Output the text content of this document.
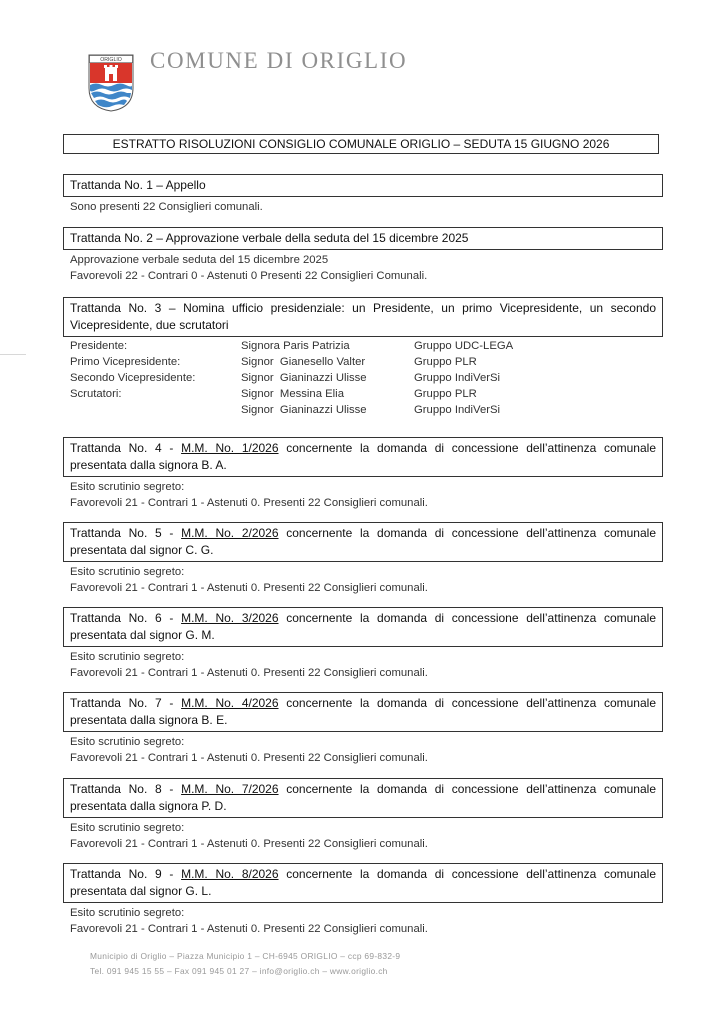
ORIGLIO COMUNE DI ORIGLIO
ESTRATTO RISOLUZIONI CONSIGLIO COMUNALE ORIGLIO – SEDUTA 15 GIUGNO 2026
Trattanda No. 1 – Appello
Sono presenti 22 Consiglieri comunali.
Trattanda No. 2 – Approvazione verbale della seduta del 15 dicembre 2025
Approvazione verbale seduta del 15 dicembre 2025
Favorevoli 22 - Contrari 0 - Astenuti 0 Presenti 22 Consiglieri Comunali.
Trattanda No. 3 – Nomina ufficio presidenziale: un Presidente, un primo Vicepresidente, un secondo Vicepresidente, due scrutatori
Presidente:	Signora Paris Patrizia	Gruppo UDC-LEGA
Primo Vicepresidente:	Signor  Gianesello Valter	Gruppo PLR
Secondo Vicepresidente:	Signor  Gianinazzi Ulisse	Gruppo IndiVerSi
Scrutatori:	Signor  Messina Elia	Gruppo PLR
	Signor  Gianinazzi Ulisse	Gruppo IndiVerSi
Trattanda No. 4 - M.M. No. 1/2026 concernente la domanda di concessione dell’attinenza comunale presentata dalla signora B. A.
Esito scrutinio segreto:
Favorevoli 21 - Contrari 1 - Astenuti 0. Presenti 22 Consiglieri comunali.
Trattanda No. 5 - M.M. No. 2/2026 concernente la domanda di concessione dell’attinenza comunale presentata dal signor C. G.
Esito scrutinio segreto:
Favorevoli 21 - Contrari 1 - Astenuti 0. Presenti 22 Consiglieri comunali.
Trattanda No. 6 - M.M. No. 3/2026 concernente la domanda di concessione dell’attinenza comunale presentata dal signor G. M.
Esito scrutinio segreto:
Favorevoli 21 - Contrari 1 - Astenuti 0. Presenti 22 Consiglieri comunali.
Trattanda No. 7 - M.M. No. 4/2026 concernente la domanda di concessione dell’attinenza comunale presentata dalla signora B. E.
Esito scrutinio segreto:
Favorevoli 21 - Contrari 1 - Astenuti 0. Presenti 22 Consiglieri comunali.
Trattanda No. 8 - M.M. No. 7/2026 concernente la domanda di concessione dell’attinenza comunale presentata dalla signora P. D.
Esito scrutinio segreto:
Favorevoli 21 - Contrari 1 - Astenuti 0. Presenti 22 Consiglieri comunali.
Trattanda No. 9 - M.M. No. 8/2026 concernente la domanda di concessione dell’attinenza comunale presentata dal signor G. L.
Esito scrutinio segreto:
Favorevoli 21 - Contrari 1 - Astenuti 0. Presenti 22 Consiglieri comunali.
Municipio di Origlio – Piazza Municipio 1 – CH-6945 ORIGLIO – ccp 69-832-9
Tel. 091 945 15 55 – Fax 091 945 01 27 – info@origlio.ch – www.origlio.ch
